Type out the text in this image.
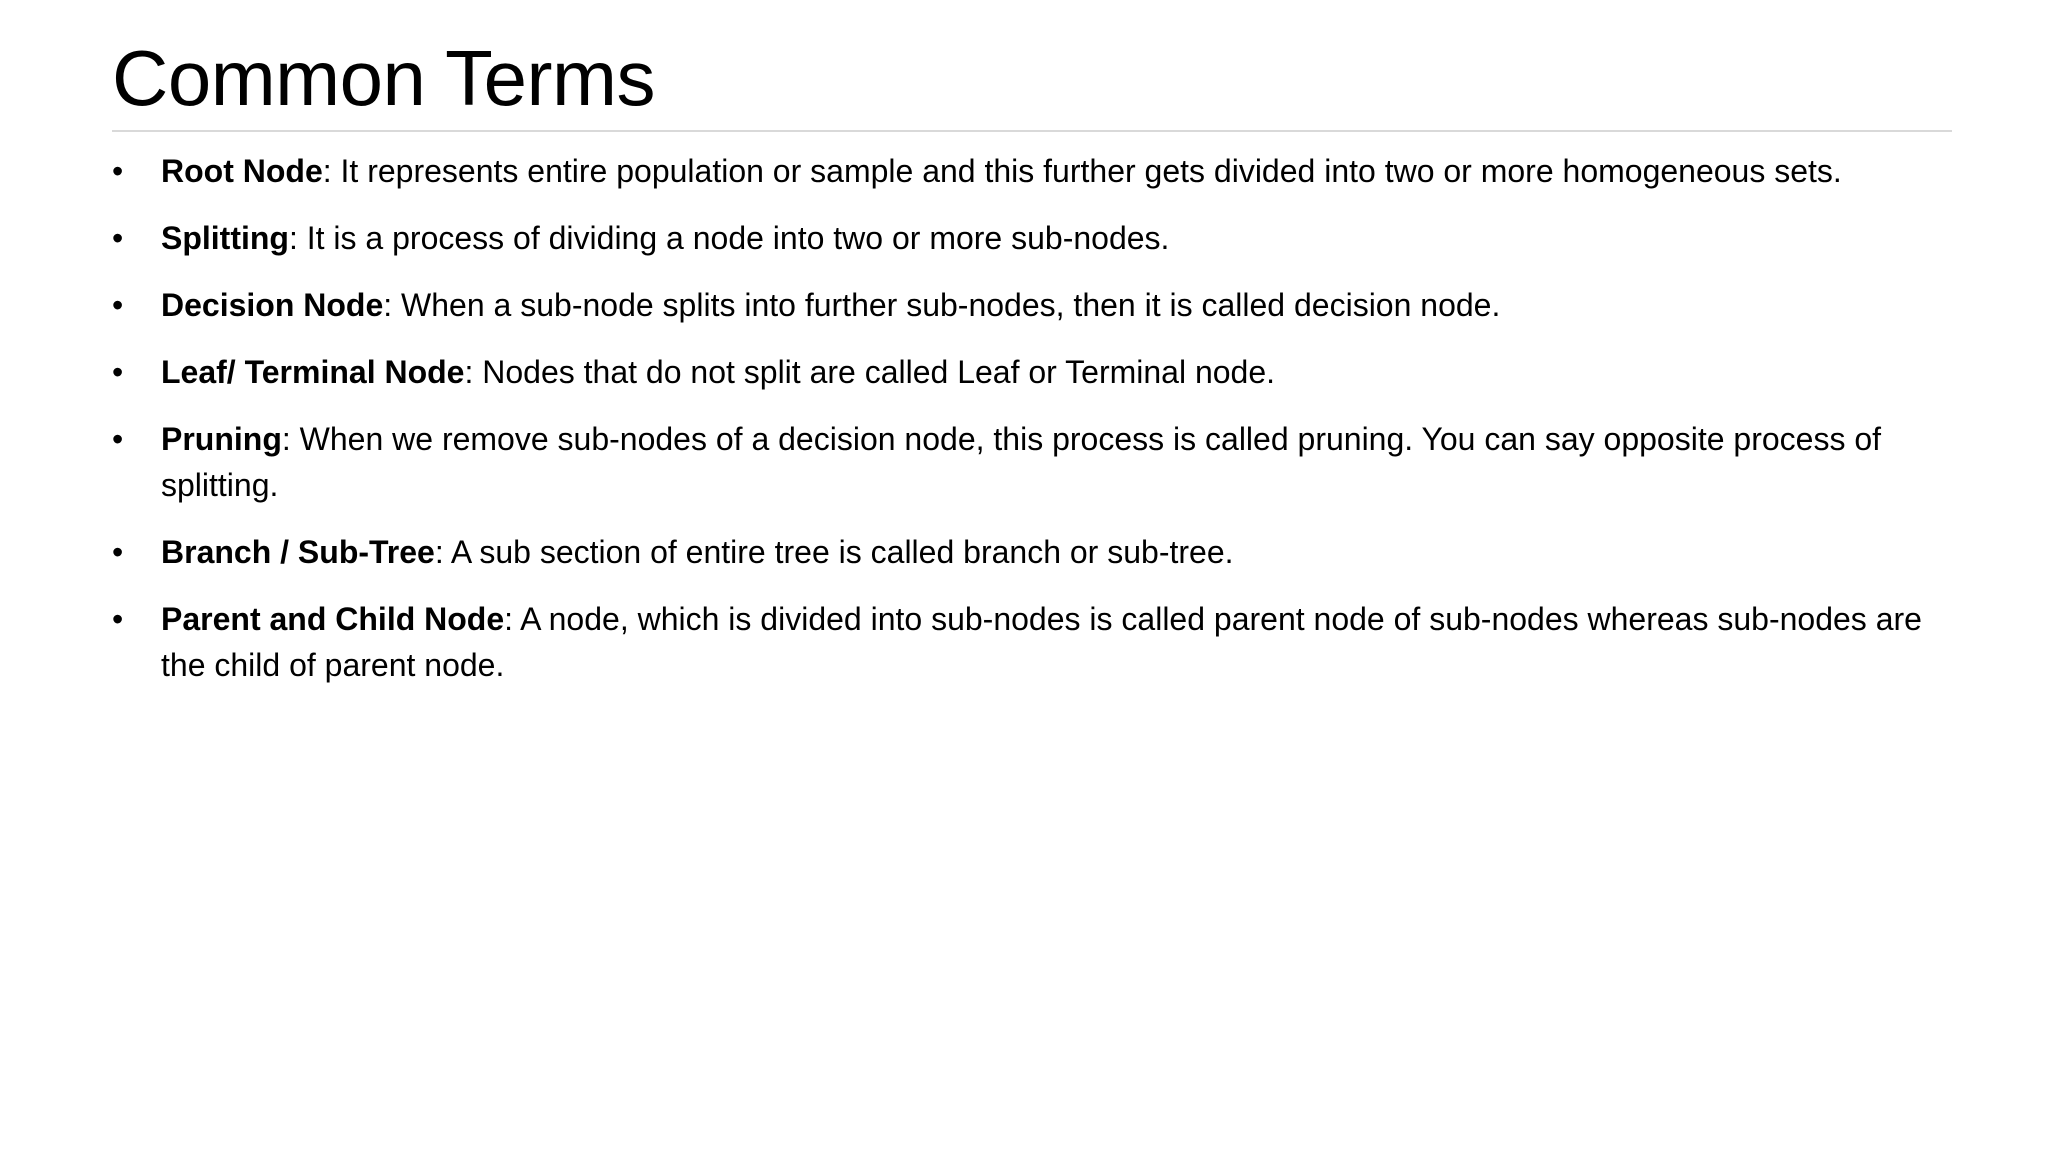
Common Terms
• Root Node: It represents entire population or sample and this further gets divided into two or more homogeneous sets.
• Splitting: It is a process of dividing a node into two or more sub-nodes.
• Decision Node: When a sub-node splits into further sub-nodes, then it is called decision node.
• Leaf/ Terminal Node: Nodes that do not split are called Leaf or Terminal node.
• Pruning: When we remove sub-nodes of a decision node, this process is called pruning. You can say opposite process of splitting.
• Branch / Sub-Tree: A sub section of entire tree is called branch or sub-tree.
• Parent and Child Node: A node, which is divided into sub-nodes is called parent node of sub-nodes whereas sub-nodes are the child of parent node.
